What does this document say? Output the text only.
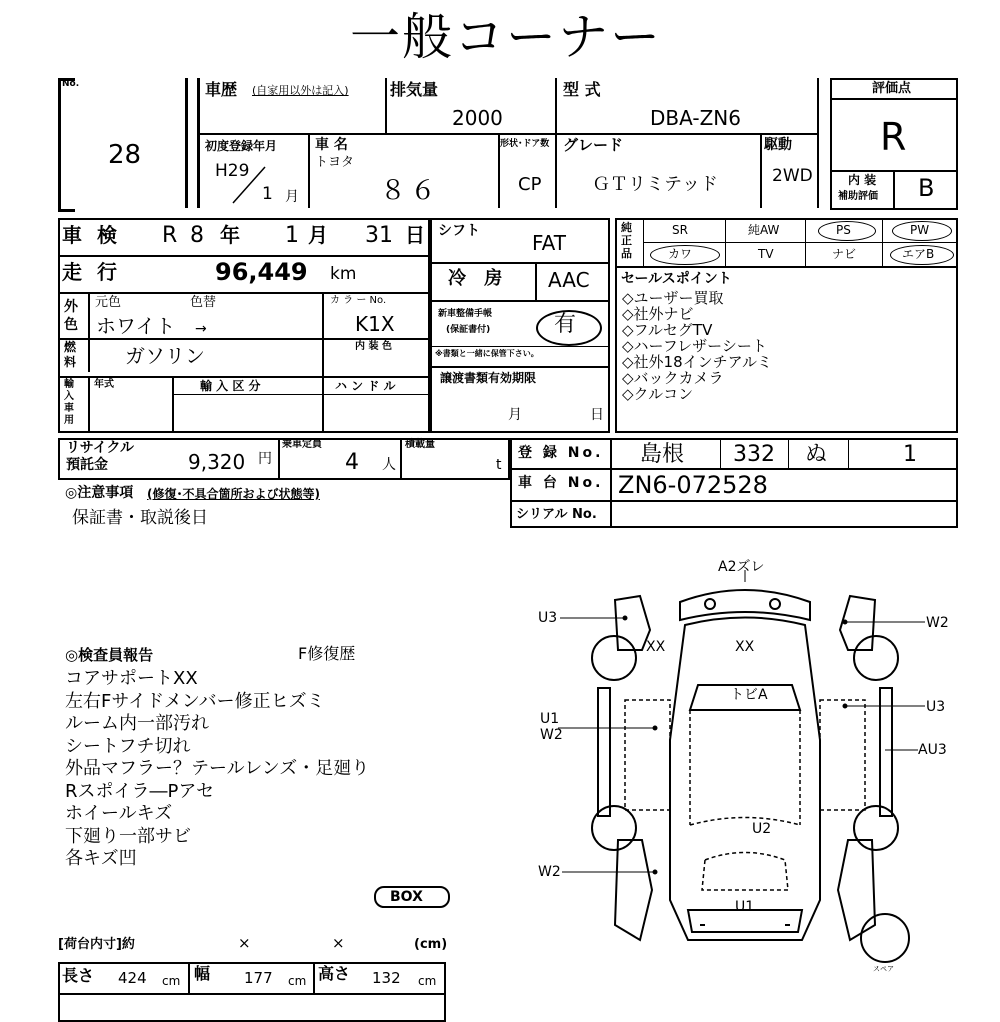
一般コーナー
No.
28
車歴 (自家用以外は記入)	排気量
2000
型 式
DBA-ZN6
初度登録年月
H29
1 月
車 名
トヨタ
８６
形状･ドア数
CP
グレード
ＧＴリミテッド
駆動
2WD
評価点
R
内 装
補助評価 B
車 検 R 8 年 1 月 31 日
走 行	96,449 km
外 色
元色	色替
ホワイト →
カ ラ ー No.
K1X
燃 料 ガソリン	内 装 色
輸 入 車 用
年式	輸 入 区 分	ハ ン ド ル
シフト	FAT
冷 房 AAC
新車整備手帳
(保証書付)	有
※書類と一緒に保管下さい。
譲渡書類有効期限
月	日
純 正 品
SR	純AW	PS	PW
カワ	TV	ナビ	エアB
セールスポイント
◇ユーザー買取
◇社外ナビ
◇フルセグTV
◇ハーフレザーシート
◇社外18インチアルミ
◇バックカメラ
◇クルコン
リサイクル
預託金	9,320 円
乗車定員
4 人
積載量
t
登 録 No. 島根 332 ぬ	1
車 台 No. ZN6-072528
シリアル No.
◎注意事項 (修復･不具合箇所および状態等)
保証書・取説後日
◎検査員報告	F修復歴
コアサポートXX
左右Fサイドメンバー修正ヒズミ
ルーム内一部汚れ
シートフチ切れ
外品マフラー？テールレンズ・足廻り
Rスポイラ―Pアセ
ホイールキズ
下廻り一部サビ
各キズ凹
BOX
[荷台内寸]約	×	×	(cm)
長さ 424 cm 幅 177 cm 高さ 132 cm
A2ズレ
U3	W2
XX	XX
トビA
U1
W2
U3
AU3
U2
W2
U1
スペア
